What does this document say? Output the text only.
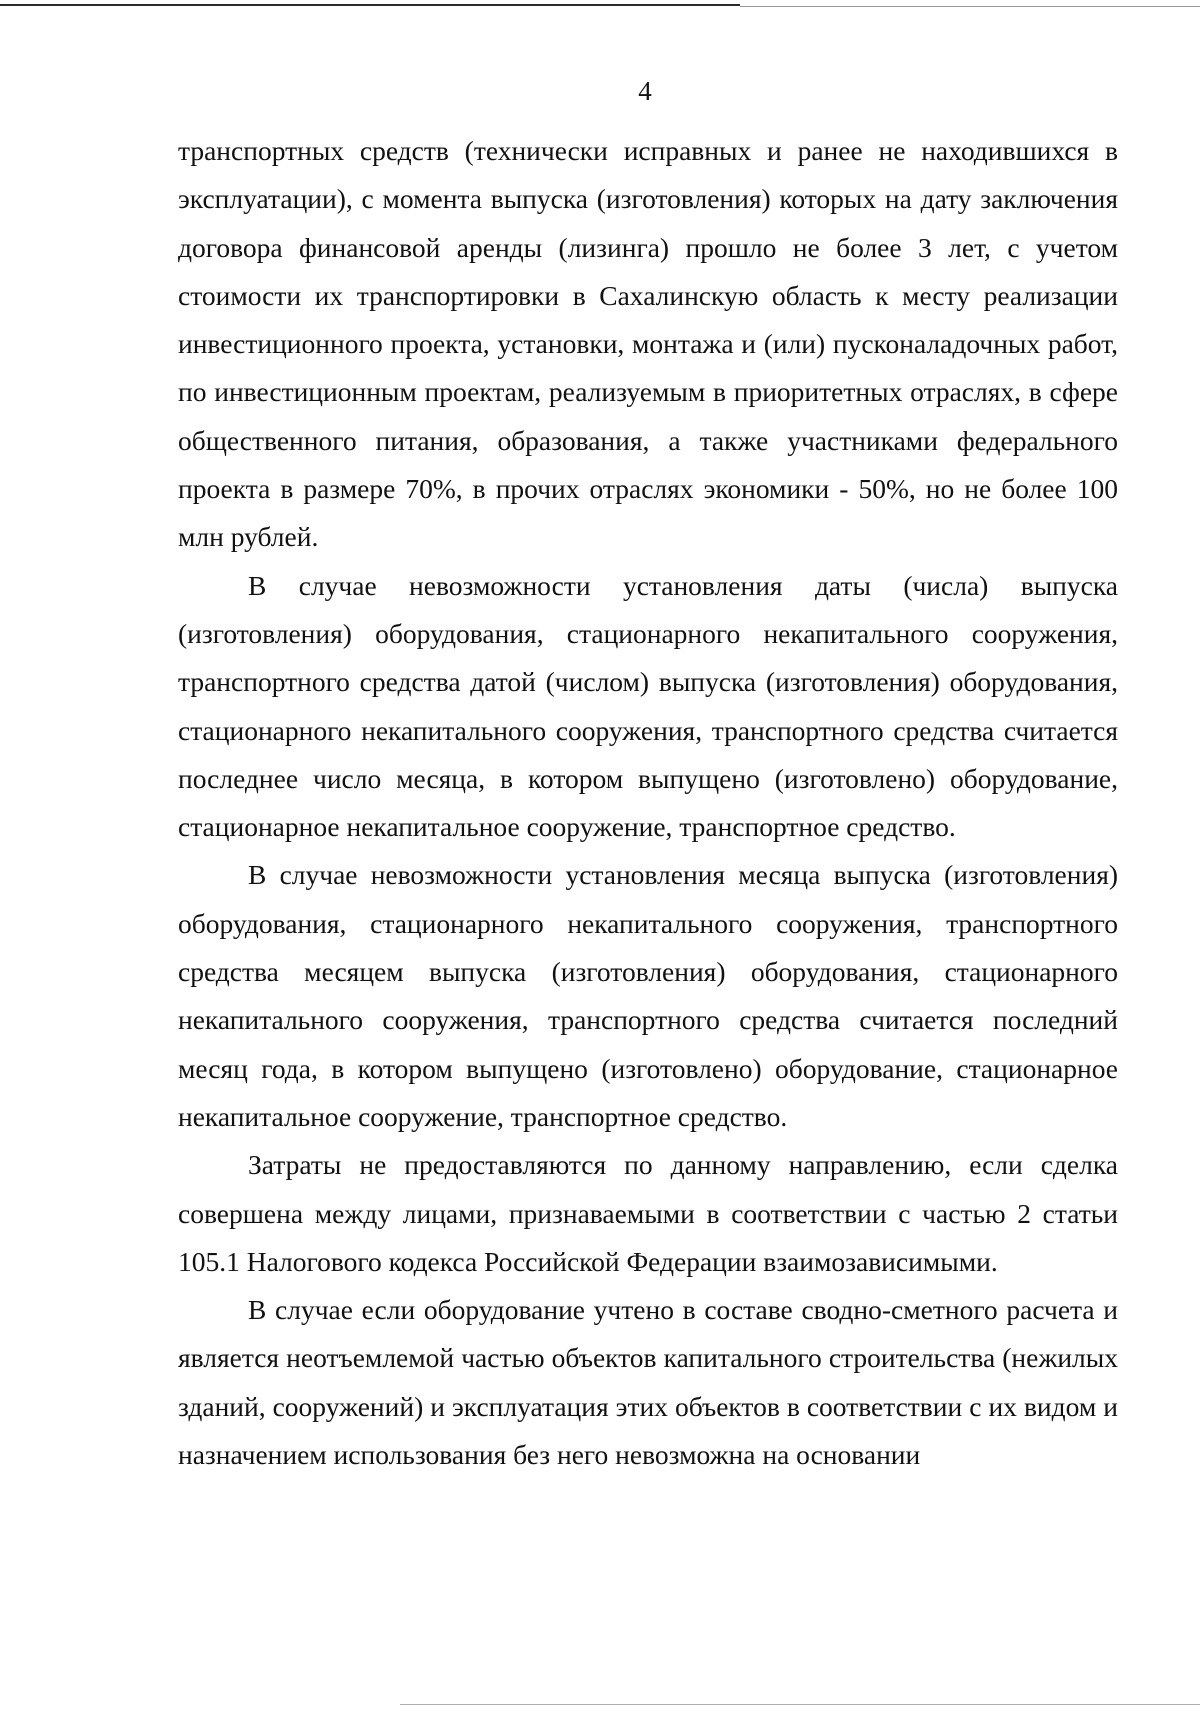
4

транспортных средств (технически исправных и ранее не находившихся в эксплуатации), с момента выпуска (изготовления) которых на дату заключения договора финансовой аренды (лизинга) прошло не более 3 лет, с учетом стоимости их транспортировки в Сахалинскую область к месту реализации инвестиционного проекта, установки, монтажа и (или) пусконаладочных работ, по инвестиционным проектам, реализуемым в приоритетных отраслях, в сфере общественного питания, образования, а также участниками федерального проекта в размере 70%, в прочих отраслях экономики - 50%, но не более 100 млн рублей.

В случае невозможности установления даты (числа) выпуска (изготовления) оборудования, стационарного некапитального сооружения, транспортного средства датой (числом) выпуска (изготовления) оборудования, стационарного некапитального сооружения, транспортного средства считается последнее число месяца, в котором выпущено (изготовлено) оборудование, стационарное некапитальное сооружение, транспортное средство.

В случае невозможности установления месяца выпуска (изготовления) оборудования, стационарного некапитального сооружения, транспортного средства месяцем выпуска (изготовления) оборудования, стационарного некапитального сооружения, транспортного средства считается последний месяц года, в котором выпущено (изготовлено) оборудование, стационарное некапитальное сооружение, транспортное средство.

Затраты не предоставляются по данному направлению, если сделка совершена между лицами, признаваемыми в соответствии с частью 2 статьи 105.1 Налогового кодекса Российской Федерации взаимозависимыми.

В случае если оборудование учтено в составе сводно-сметного расчета и является неотъемлемой частью объектов капитального строительства (нежилых зданий, сооружений) и эксплуатация этих объектов в соответствии с их видом и назначением использования без него невозможна на основании
